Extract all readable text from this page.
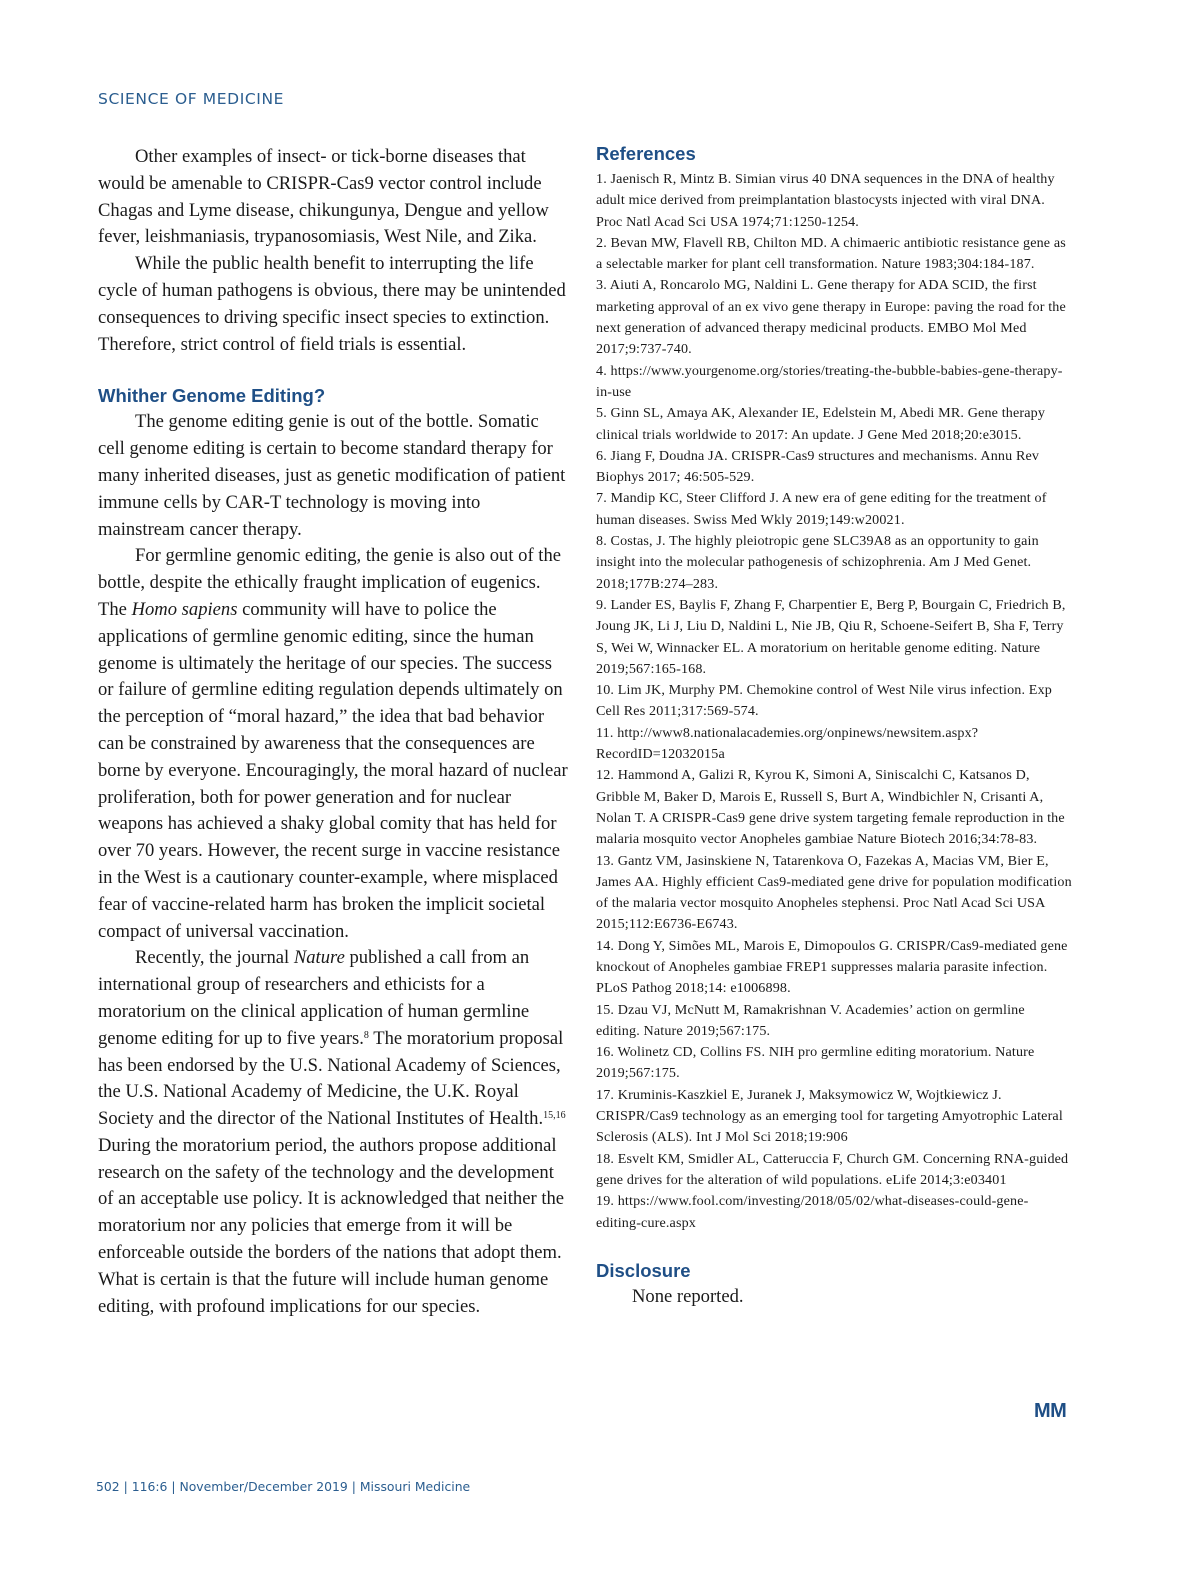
SCIENCE OF MEDICINE

Other examples of insect- or tick-borne diseases that would be amenable to CRISPR-Cas9 vector control include Chagas and Lyme disease, chikungunya, Dengue and yellow fever, leishmaniasis, trypanosomiasis, West Nile, and Zika.

While the public health benefit to interrupting the life cycle of human pathogens is obvious, there may be unintended consequences to driving specific insect species to extinction. Therefore, strict control of field trials is essential.

Whither Genome Editing?

The genome editing genie is out of the bottle. Somatic cell genome editing is certain to become standard therapy for many inherited diseases, just as genetic modification of patient immune cells by CAR-T technology is moving into mainstream cancer therapy.

For germline genomic editing, the genie is also out of the bottle, despite the ethically fraught implication of eugenics. The Homo sapiens community will have to police the applications of germline genomic editing, since the human genome is ultimately the heritage of our species. The success or failure of germline editing regulation depends ultimately on the perception of “moral hazard,” the idea that bad behavior can be constrained by awareness that the consequences are borne by everyone. Encouragingly, the moral hazard of nuclear proliferation, both for power generation and for nuclear weapons has achieved a shaky global comity that has held for over 70 years. However, the recent surge in vaccine resistance in the West is a cautionary counter-example, where misplaced fear of vaccine-related harm has broken the implicit societal compact of universal vaccination.

Recently, the journal Nature published a call from an international group of researchers and ethicists for a moratorium on the clinical application of human germline genome editing for up to five years.$^8$ The moratorium proposal has been endorsed by the U.S. National Academy of Sciences, the U.S. National Academy of Medicine, the U.K. Royal Society and the director of the National Institutes of Health.$^{15,16}$ During the moratorium period, the authors propose additional research on the safety of the technology and the development of an acceptable use policy. It is acknowledged that neither the moratorium nor any policies that emerge from it will be enforceable outside the borders of the nations that adopt them. What is certain is that the future will include human genome editing, with profound implications for our species.

References
1. Jaenisch R, Mintz B. Simian virus 40 DNA sequences in the DNA of healthy adult mice derived from preimplantation blastocysts injected with viral DNA. Proc Natl Acad Sci USA 1974;71:1250-1254.
2. Bevan MW, Flavell RB, Chilton MD. A chimaeric antibiotic resistance gene as a selectable marker for plant cell transformation. Nature 1983;304:184-187.
3. Aiuti A, Roncarolo MG, Naldini L. Gene therapy for ADA SCID, the first marketing approval of an ex vivo gene therapy in Europe: paving the road for the next generation of advanced therapy medicinal products. EMBO Mol Med 2017;9:737-740.
4. https://www.yourgenome.org/stories/treating-the-bubble-babies-gene-therapy-in-use
5. Ginn SL, Amaya AK, Alexander IE, Edelstein M, Abedi MR. Gene therapy clinical trials worldwide to 2017: An update. J Gene Med 2018;20:e3015.
6. Jiang F, Doudna JA. CRISPR-Cas9 structures and mechanisms. Annu Rev Biophys 2017; 46:505-529.
7. Mandip KC, Steer Clifford J. A new era of gene editing for the treatment of human diseases. Swiss Med Wkly 2019;149:w20021.
8. Costas, J. The highly pleiotropic gene SLC39A8 as an opportunity to gain insight into the molecular pathogenesis of schizophrenia. Am J Med Genet. 2018;177B:274–283.
9. Lander ES, Baylis F, Zhang F, Charpentier E, Berg P, Bourgain C, Friedrich B, Joung JK, Li J, Liu D, Naldini L, Nie JB, Qiu R, Schoene-Seifert B, Sha F, Terry S, Wei W, Winnacker EL. A moratorium on heritable genome editing. Nature 2019;567:165-168.
10. Lim JK, Murphy PM. Chemokine control of West Nile virus infection. Exp Cell Res 2011;317:569-574.
11. http://www8.nationalacademies.org/onpinews/newsitem.aspx?RecordID=12032015a
12. Hammond A, Galizi R, Kyrou K, Simoni A, Siniscalchi C, Katsanos D, Gribble M, Baker D, Marois E, Russell S, Burt A, Windbichler N, Crisanti A, Nolan T. A CRISPR-Cas9 gene drive system targeting female reproduction in the malaria mosquito vector Anopheles gambiae Nature Biotech 2016;34:78-83.
13. Gantz VM, Jasinskiene N, Tatarenkova O, Fazekas A, Macias VM, Bier E, James AA. Highly efficient Cas9-mediated gene drive for population modification of the malaria vector mosquito Anopheles stephensi. Proc Natl Acad Sci USA 2015;112:E6736-E6743.
14. Dong Y, Simões ML, Marois E, Dimopoulos G. CRISPR/Cas9-mediated gene knockout of Anopheles gambiae FREP1 suppresses malaria parasite infection. PLoS Pathog 2018;14: e1006898.
15. Dzau VJ, McNutt M, Ramakrishnan V. Academies’ action on germline editing. Nature 2019;567:175.
16. Wolinetz CD, Collins FS. NIH pro germline editing moratorium. Nature 2019;567:175.
17. Kruminis-Kaszkiel E, Juranek J, Maksymowicz W, Wojtkiewicz J. CRISPR/Cas9 technology as an emerging tool for targeting Amyotrophic Lateral Sclerosis (ALS). Int J Mol Sci 2018;19:906
18. Esvelt KM, Smidler AL, Catteruccia F, Church GM. Concerning RNA-guided gene drives for the alteration of wild populations. eLife 2014;3:e03401
19. https://www.fool.com/investing/2018/05/02/what-diseases-could-gene-editing-cure.aspx
Disclosure

None reported.

MM
502 | 116:6 | November/December 2019 | Missouri Medicine
